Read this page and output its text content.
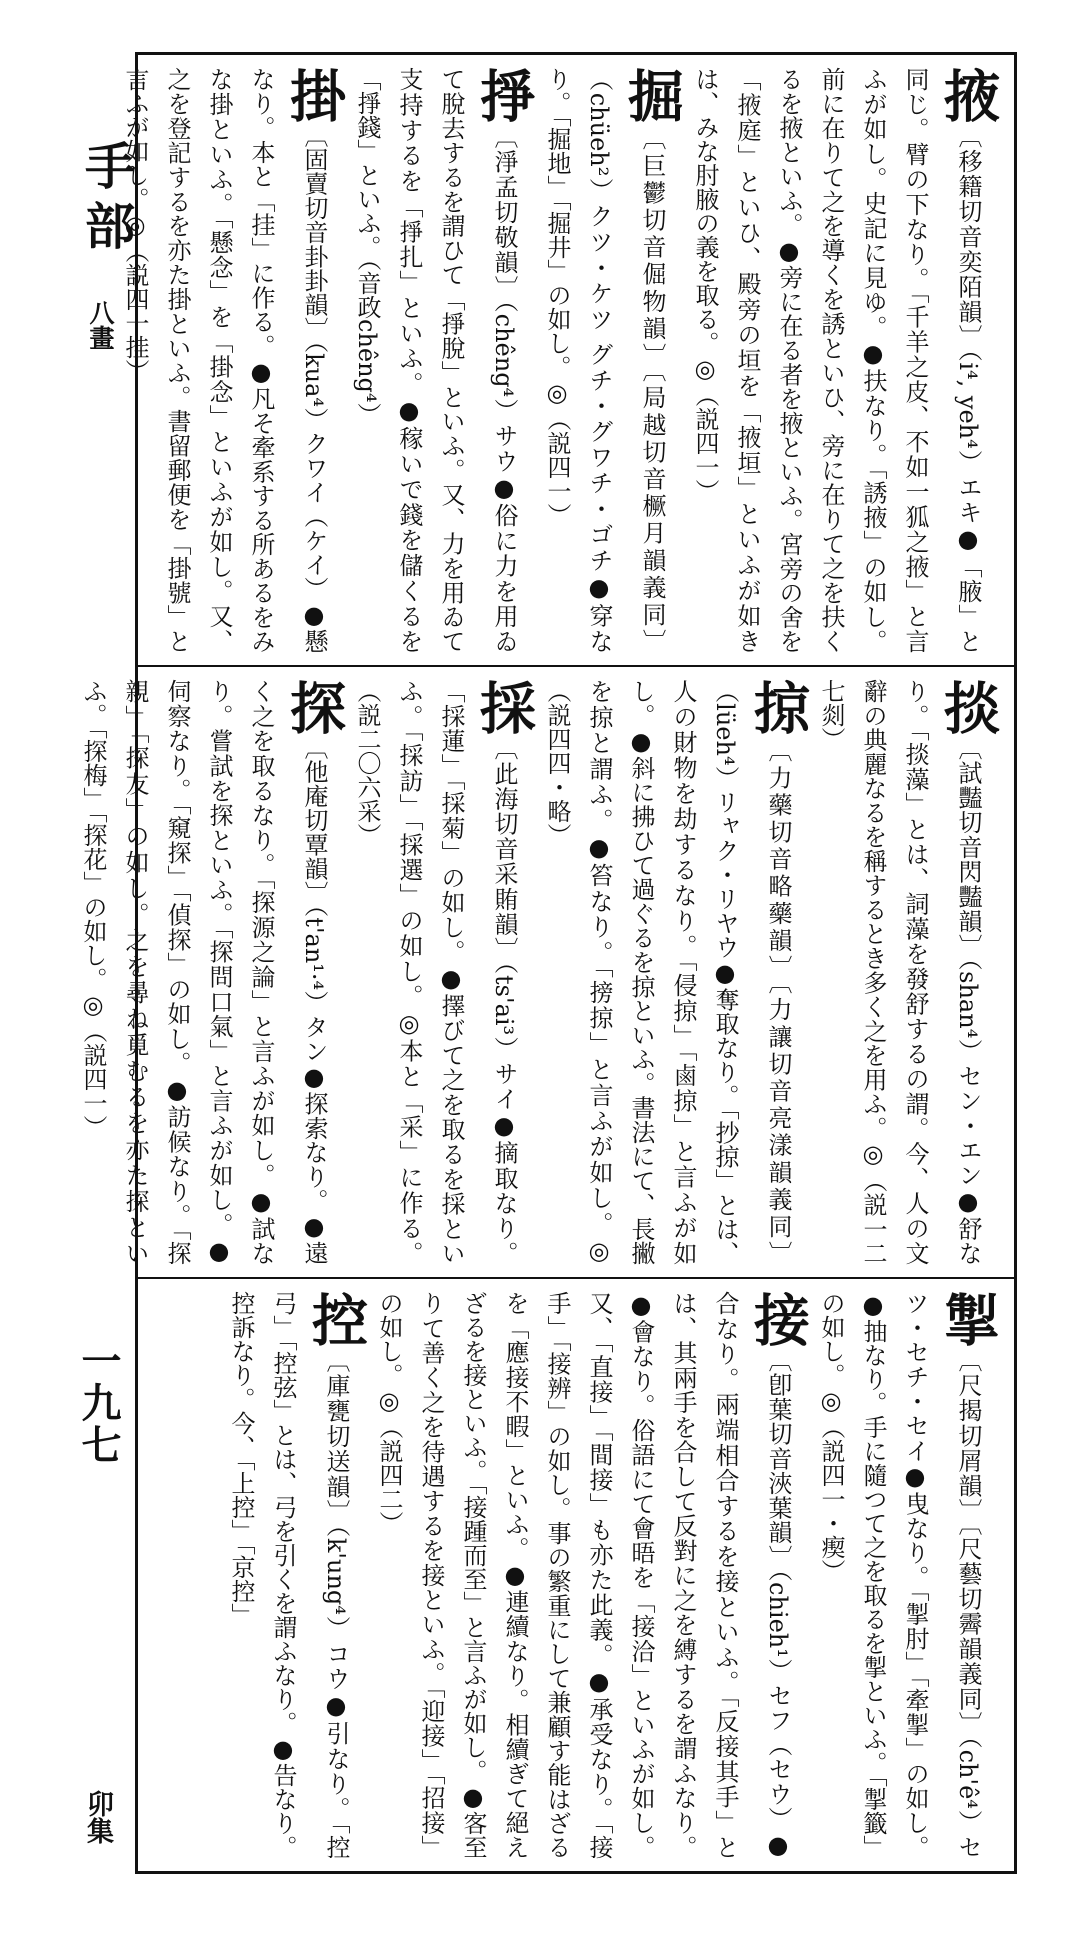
手部
八畫
一九七
卯集
掖〔移籍切音奕陌韻〕（i⁴, yeh⁴）エキ●「腋」と同じ。臂の下なり。「千羊之皮、不如一狐之掖」と言ふが如し。史記に見ゆ。●扶なり。「誘掖」の如し。前に在りて之を導くを誘といひ、旁に在りて之を扶くるを掖といふ。●旁に在る者を掖といふ。宮旁の舍を「掖庭」といひ、殿旁の垣を「掖垣」といふが如きは、みな肘腋の義を取る。◎（説四一）
掘〔巨鬱切音倔物韻〕〔局越切音橛月韻義同〕（chüeh²）クツ・ケツ グチ・グワチ・ゴチ●穿なり。「掘地」「掘井」の如し。◎（説四一）
掙〔淨孟切敬韻〕（chêng⁴）サウ●俗に力を用ゐて脫去するを謂ひて「掙脫」といふ。又、力を用ゐて支持するを「掙扎」といふ。●稼いで錢を儲くるを「掙錢」といふ。（音政chêng⁴）
掛〔固賣切音卦卦韻〕（kua⁴）クワイ（ケイ）●懸なり。本と「挂」に作る。●凡そ牽系する所あるをみな掛といふ。「懸念」を「掛念」といふが如し。又、之を登記するを亦た掛といふ。書留郵便を「掛號」と言ふが如し。◎（説四一挂）
掞〔試豔切音閃豔韻〕（shan⁴）セン・エン●舒なり。「掞藻」とは、詞藻を發舒するの謂。今、人の文辭の典麗なるを稱するとき多く之を用ふ。◎（説一二七剡）
掠〔力藥切音略藥韻〕〔力讓切音亮漾韻義同〕（lüeh⁴）リャク・リヤウ●奪取なり。「抄掠」とは、人の財物を劫するなり。「侵掠」「鹵掠」と言ふが如し。●斜に拂ひて過ぐるを掠といふ。書法にて、長撇を掠と謂ふ。●笞なり。「搒掠」と言ふが如し。◎（説四四・略）
採〔此海切音采賄韻〕（ts'ai³）サイ●摘取なり。「採蓮」「採菊」の如し。●擇びて之を取るを採といふ。「採訪」「採選」の如し。◎本と「采」に作る。（説二〇六采）
探〔他庵切覃韻〕（t'an¹·⁴）タン●探索なり。●遠く之を取るなり。「探源之論」と言ふが如し。●試なり。嘗試を探といふ。「探問口氣」と言ふが如し。●伺察なり。「窺探」「偵探」の如し。●訪候なり。「探親」「探友」の如し。之を尋ね覓むるを亦た探といふ。「探梅」「探花」の如し。◎（説四一）
掣〔尺揭切屑韻〕〔尺藝切霽韻義同〕（ch'ê⁴）セツ・セチ・セイ●曳なり。「掣肘」「牽掣」の如し。●抽なり。手に隨つて之を取るを掣といふ。「掣籤」の如し。◎（説四一・瘈）
接〔卽葉切音浹葉韻〕（chieh¹）セフ（セウ）●合なり。兩端相合するを接といふ。「反接其手」とは、其兩手を合して反對に之を縛するを謂ふなり。●會なり。俗語にて會晤を「接洽」といふが如し。又、「直接」「間接」も亦た此義。●承受なり。「接手」「接辨」の如し。事の繁重にして兼顧す能はざるを「應接不暇」といふ。●連續なり。相續ぎて絕えざるを接といふ。「接踵而至」と言ふが如し。●客至りて善く之を待遇するを接といふ。「迎接」「招接」の如し。◎（説四二）
控〔庫甕切送韻〕（k'ung⁴）コウ●引なり。「控弓」「控弦」とは、弓を引くを謂ふなり。●告なり。控訴なり。今、「上控」「京控」
